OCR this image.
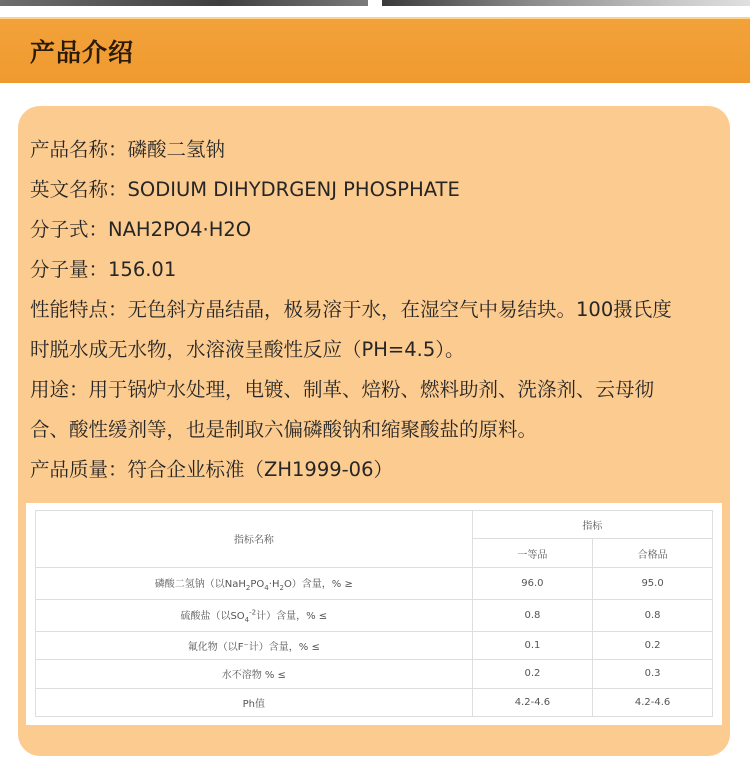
产品介绍
产品名称：磷酸二氢钠
英文名称：SODIUM DIHYDRGENJ PHOSPHATE
分子式：NAH2PO4·H2O
分子量：156.01
性能特点：无色斜方晶结晶，极易溶于水，在湿空气中易结块。100摄氏度
时脱水成无水物，水溶液呈酸性反应（PH=4.5）。
用途：用于锅炉水处理，电镀、制革、焙粉、燃料助剂、洗涤剂、云母彻
合、酸性缓剂等，也是制取六偏磷酸钠和缩聚酸盐的原料。
产品质量：符合企业标准（ZH1999-06）
指标名称	指标	
	一等品	合格品
磷酸二氢钠（以$NaH_2PO_4\cdot H_2O$）含量，% ≥	96.0	95.0
硫酸盐（以$SO_4^{-2}$计）含量，% ≤	0.8	0.8
氟化物（以F⁻计）含量，% ≤	0.1	0.2
水不溶物 % ≤	0.2	0.3
Ph值	4.2-4.6	4.2-4.6
